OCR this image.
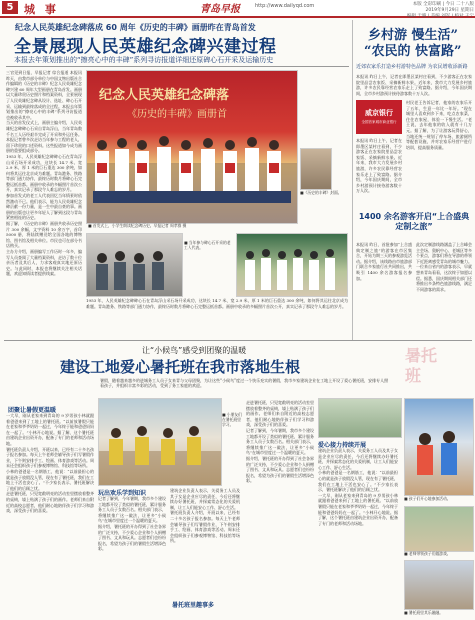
5 城 事	青岛早报	http://www.dailyqd.com	本版 全彩印刷 | 今日 二十八版
2019年9月29日 星期日
编辑 于晴 | 美编 刘军 | 校对 王宁
纪念人民英雄纪念碑落成 60 周年《历史的丰碑》画册昨在青岛首发
全景展现人民英雄纪念碑兴建过程
本报去年策划推出的“擦亮心中的丰碑”系列寻访报道详细还原碑心石开采及运输历史
三官见到日报，早报记者 综合报道 本报讯 昨天，由我市部分单位与中国文物出版社合作编辑的《历史的丰碑》纪念人民英雄纪念碑兴建 60 周年大型画册在青岛首发。画册以大量珍贵历史照片和档案资料，全景展现了人民英雄纪念碑从设计、选址、碑心石开采、运输到最终落成的全过程。本报去年策划推出的“擦亮心中的丰碑”系列寻访报道也被收录其中。
当天的首发仪式上，画册主编介绍，人民英雄纪念碑碑心石采自青岛浮山，当年青岛数千名工人历经艰辛完成了开采和外运任务。本报记者曾多次走访当年参与工程的老人，留下珍贵的口述资料。这些报道如今成为画册的重要组成部分。
1953 年，人民英雄纪念碑碑心石在青岛浮山采石场开采成功，这块长 14.7 米、宽 2.9 米、厚 1 米的巨石重达 300 余吨，如何将其运往北京成为难题。青岛港务、铁路等部门通力协作，最终历时数月将碑心石完整运抵首都。画册中收录的多幅照片首次公开，真实记录了那段令人难忘的岁月。
参加首发式的老工人代表回忆当年情景时依然激动不已。他们表示，能为人民英雄纪念碑贡献一份力量，是一生中最自豪的事。画册的出版也让更多年轻人了解到这段与青岛紧密相连的历史。
据了解，《历史的丰碑》画册共收录历史照片 300 余幅，文字资料 10 余万字，首印 5000 册，将陆续赠送给全国各地的博物馆、图书馆及相关单位。市民也可在部分书店购买。
主办方介绍，画册编写工作历时一年多，编写人员查阅了大量档案资料，走访了数十位亲历者及其后人，力求客观真实地还原历史。与此同时，本报也将继续关注相关话题，欢迎知情读者提供线索。
纪念人民英雄纪念碑落
《历史的丰碑》画册首
■ 首发式上，小学生朗读纪念碑历史。早报记者 周孝群 摄
■《历史的丰碑》封面。
■ 当年参与碑心石开采的老工人代表。
1953 年，人民英雄纪念碑碑心石在青岛浮山采石场开采成功，这块长 14.7 米、宽 2.9 米、厚 1 米的巨石重达 300 余吨，如何将其运往北京成为难题。青岛港务、铁路等部门通力协作，最终历时数月将碑心石完整运抵首都。画册中收录的多幅照片首次公开，真实记录了那段令人难忘的岁月。
乡村游 慢生活”
“农民的 快富路”
近郊农家乐打造乡村游特色品牌 为农民增收添新路
本报讯 昨日上午，记者在即墨区某村庄看到，不少游客正在农家院里品尝农家饭、采摘新鲜水果。近年来，我市大力发展乡村旅游，许多农民靠经营农家乐走上了致富路。据介绍，今年国庆期间，全市乡村游预计接待游客数十万人次。
威京银行
全国首家城市商业银行
村民老王告诉记者，他家的农家乐开了五年，生意一年比一年好。“现在城里人喜欢到乡下来，吃点农家菜，住住农家屋，体验一下慢生活。”老王说，去年他家的收入就有十几万元。据了解，为了让游客玩得舒心，当地还统一规划了停车场、旅游厕所等配套设施，并对农家乐经营户进行培训，提高服务质量。
本报讯 昨日上午，记者在即墨区某村庄看到，不少游客正在农家院里品尝农家饭、采摘新鲜水果。近年来，我市大力发展乡村旅游，许多农民靠经营农家乐走上了致富路。据介绍，今年国庆期间，全市乡村游预计接待游客数十万人次。
1400 余名游客开启“上合盛典定制之旅”
本报讯 昨日，首批参加“上合盛典定制之旅”的游客在市区集合，开始为期三天的参观游览活动。据介绍，该线路由市旅游部门联合多家旅行社共同推出，共吸引 1400 余名游客报名参加。
此次定制游线路涵盖了上合峰会主会场、奥帆中心、老城区等多个景点，游客们将在导游的带领下近距离感受青岛的城市魅力。一位来自省内的游客表示，早就想来青岛看看，这次终于如愿以偿。据悉，国庆期间相关部门还将推出多条特色旅游线路，满足不同游客的需求。
让“小候鸟”感受到团聚的温暖
建设工地爱心暑托班在我市落地生根
暑托
班
暑假，随着越来越多的进城务工人员子女来青与父母团聚，为让这些“小候鸟”度过一个快乐充实的暑假，我市多家建筑企业在工地上开设了爱心暑托班，安排专人照看孩子，并组织丰富多彩的活动，受到了务工家庭的欢迎。
团聚让暑假更温暖
一大早，刚从老家来到青岛的 9 岁男孩小林就跟着爸爸来到了工地上的暑托班。“以前放暑假只能在老家和爷爷奶奶一起过，今年终于能和爸爸妈妈在一起了。”小林开心地说。据了解，这个暑托班由建筑企业出资开办，配备了专门的老师和活动场地。
暑托班负责人介绍，开班以来，已经有二十多名孩子报名参加。每天上午老师会辅导孩子们写暑假作业，下午则安排手工、绘画、体育游戏等活动。周末还会组织孩子们参观博物馆、科技馆等场所。
小林的爸爸是一名钢筋工，他说：“以前最担心的就是孩子放假没人管，现在有了暑托班，我们在工地上干活也安心了。”不少家长表示，暑托班解决了他们的后顾之忧。
走进暑托班，只见宽敞明亮的活动室里摆放着整齐的桌椅，墙上贴满了孩子们的画作。老师们来自附近的高校志愿者，他们耐心地陪伴孩子们学习和游戏，深受孩子们的喜爱。
■ 小朋友们在暑托班里学习。
玩出欢乐学到知识
记者了解到，今年暑期，我市多个建设工地都开设了类似的暑托班，累计服务务工人员子女数百名。相关部门表示，将继续推广这一做法，让更多“小候鸟”在城市里度过一个温暖的夏天。
据介绍，暑托班的开办得到了社会各界的广泛支持，不少爱心企业和个人捐赠了图书、文具和玩具。志愿者们也纷纷报名，希望为孩子们的暑假生活增添色彩。
建筑企业负责人表示，关爱务工人员及其子女是企业应尽的责任，今后还将继续办好暑托班，并探索常态化的关爱机制，让工人们能安心工作、舒心生活。
暑托班负责人介绍，开班以来，已经有二十多名孩子报名参加。每天上午老师会辅导孩子们写暑假作业，下午则安排手工、绘画、体育游戏等活动。周末还会组织孩子们参观博物馆、科技馆等场所。
暑托班里趣事多
走进暑托班，只见宽敞明亮的活动室里摆放着整齐的桌椅，墙上贴满了孩子们的画作。老师们来自附近的高校志愿者，他们耐心地陪伴孩子们学习和游戏，深受孩子们的喜爱。
记者了解到，今年暑期，我市多个建设工地都开设了类似的暑托班，累计服务务工人员子女数百名。相关部门表示，将继续推广这一做法，让更多“小候鸟”在城市里度过一个温暖的夏天。
据介绍，暑托班的开办得到了社会各界的广泛支持，不少爱心企业和个人捐赠了图书、文具和玩具。志愿者们也纷纷报名，希望为孩子们的暑假生活增添色彩。
爱心接力持续开展
建筑企业负责人表示，关爱务工人员及其子女是企业应尽的责任，今后还将继续办好暑托班，并探索常态化的关爱机制，让工人们能安心工作、舒心生活。
小林的爸爸是一名钢筋工，他说：“以前最担心的就是孩子放假没人管，现在有了暑托班，我们在工地上干活也安心了。”不少家长表示，暑托班解决了他们的后顾之忧。
一大早，刚从老家来到青岛的 9 岁男孩小林就跟着爸爸来到了工地上的暑托班。“以前放暑假只能在老家和爷爷奶奶一起过，今年终于能和爸爸妈妈在一起了。”小林开心地说。据了解，这个暑托班由建筑企业出资开办，配备了专门的老师和活动场地。
■ 孩子们开心地参加活动。
■ 老师带领孩子们做游戏。
■ 暑托班里其乐融融。
